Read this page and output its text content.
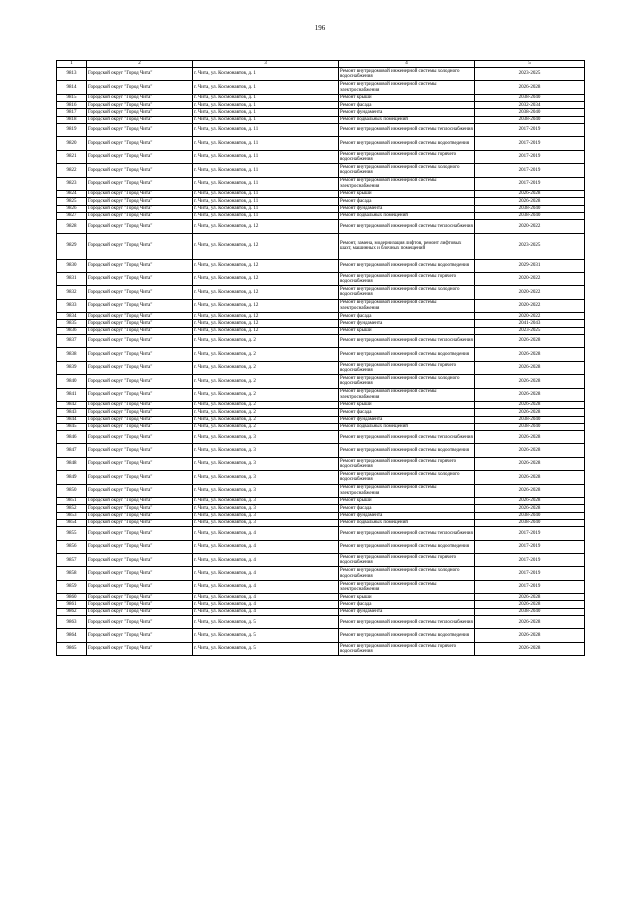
196
1	2	3	4	5
9813	Городской округ "Город Чита"	г. Чита, ул. Космонавтов, д. 1	Ремонт внутридомовой инженерной системы холодного водоснабжения	2023-2025
9814	Городской округ "Город Чита"	г. Чита, ул. Космонавтов, д. 1	Ремонт внутридомовой инженерной системы электроснабжения	2026-2028
9815	Городской округ "Город Чита"	г. Чита, ул. Космонавтов, д. 1	Ремонт крыши	2038-2040
9816	Городской округ "Город Чита"	г. Чита, ул. Космонавтов, д. 1	Ремонт фасада	2032-2034
9817	Городской округ "Город Чита"	г. Чита, ул. Космонавтов, д. 1	Ремонт фундамента	2038-2040
9818	Городской округ "Город Чита"	г. Чита, ул. Космонавтов, д. 1	Ремонт подвальных помещений	2038-2040
9819	Городской округ "Город Чита"	г. Чита, ул. Космонавтов, д. 11	Ремонт внутридомовой инженерной системы теплоснабжения	2017-2019
9820	Городской округ "Город Чита"	г. Чита, ул. Космонавтов, д. 11	Ремонт внутридомовой инженерной системы водоотведения	2017-2019
9821	Городской округ "Город Чита"	г. Чита, ул. Космонавтов, д. 11	Ремонт внутридомовой инженерной системы горячего водоснабжения	2017-2019
9822	Городской округ "Город Чита"	г. Чита, ул. Космонавтов, д. 11	Ремонт внутридомовой инженерной системы холодного водоснабжения	2017-2019
9823	Городской округ "Город Чита"	г. Чита, ул. Космонавтов, д. 11	Ремонт внутридомовой инженерной системы электроснабжения	2017-2019
9824	Городской округ "Город Чита"	г. Чита, ул. Космонавтов, д. 11	Ремонт крыши	2026-2028
9825	Городской округ "Город Чита"	г. Чита, ул. Космонавтов, д. 11	Ремонт фасада	2026-2028
9826	Городской округ "Город Чита"	г. Чита, ул. Космонавтов, д. 11	Ремонт фундамента	2038-2040
9827	Городской округ "Город Чита"	г. Чита, ул. Космонавтов, д. 11	Ремонт подвальных помещений	2038-2040
9828	Городской округ "Город Чита"	г. Чита, ул. Космонавтов, д. 12	Ремонт внутридомовой инженерной системы теплоснабжения	2020-2022
9829	Городской округ "Город Чита"	г. Чита, ул. Космонавтов, д. 12	Ремонт, замена, модернизация лифтов, ремонт лифтовых шахт, машинных и блочных помещений	2023-2025
9830	Городской округ "Город Чита"	г. Чита, ул. Космонавтов, д. 12	Ремонт внутридомовой инженерной системы водоотведения	2029-2031
9831	Городской округ "Город Чита"	г. Чита, ул. Космонавтов, д. 12	Ремонт внутридомовой инженерной системы горячего водоснабжения	2020-2022
9832	Городской округ "Город Чита"	г. Чита, ул. Космонавтов, д. 12	Ремонт внутридомовой инженерной системы холодного водоснабжения	2020-2022
9833	Городской округ "Город Чита"	г. Чита, ул. Космонавтов, д. 12	Ремонт внутридомовой инженерной системы электроснабжения	2020-2022
9834	Городской округ "Город Чита"	г. Чита, ул. Космонавтов, д. 12	Ремонт фасада	2020-2022
9835	Городской округ "Город Чита"	г. Чита, ул. Космонавтов, д. 12	Ремонт фундамента	2041-2043
9836	Городской округ "Город Чита"	г. Чита, ул. Космонавтов, д. 12	Ремонт крыши	2023-2025
9837	Городской округ "Город Чита"	г. Чита, ул. Космонавтов, д. 2	Ремонт внутридомовой инженерной системы теплоснабжения	2026-2028
9838	Городской округ "Город Чита"	г. Чита, ул. Космонавтов, д. 2	Ремонт внутридомовой инженерной системы водоотведения	2026-2028
9839	Городской округ "Город Чита"	г. Чита, ул. Космонавтов, д. 2	Ремонт внутридомовой инженерной системы горячего водоснабжения	2026-2028
9840	Городской округ "Город Чита"	г. Чита, ул. Космонавтов, д. 2	Ремонт внутридомовой инженерной системы холодного водоснабжения	2026-2028
9841	Городской округ "Город Чита"	г. Чита, ул. Космонавтов, д. 2	Ремонт внутридомовой инженерной системы электроснабжения	2026-2028
9842	Городской округ "Город Чита"	г. Чита, ул. Космонавтов, д. 2	Ремонт крыши	2026-2028
9843	Городской округ "Город Чита"	г. Чита, ул. Космонавтов, д. 2	Ремонт фасада	2026-2028
9844	Городской округ "Город Чита"	г. Чита, ул. Космонавтов, д. 2	Ремонт фундамента	2038-2040
9845	Городской округ "Город Чита"	г. Чита, ул. Космонавтов, д. 2	Ремонт подвальных помещений	2038-2040
9846	Городской округ "Город Чита"	г. Чита, ул. Космонавтов, д. 3	Ремонт внутридомовой инженерной системы теплоснабжения	2026-2028
9847	Городской округ "Город Чита"	г. Чита, ул. Космонавтов, д. 3	Ремонт внутридомовой инженерной системы водоотведения	2026-2028
9848	Городской округ "Город Чита"	г. Чита, ул. Космонавтов, д. 3	Ремонт внутридомовой инженерной системы горячего водоснабжения	2026-2028
9849	Городской округ "Город Чита"	г. Чита, ул. Космонавтов, д. 3	Ремонт внутридомовой инженерной системы холодного водоснабжения	2026-2028
9850	Городской округ "Город Чита"	г. Чита, ул. Космонавтов, д. 3	Ремонт внутридомовой инженерной системы электроснабжения	2026-2028
9851	Городской округ "Город Чита"	г. Чита, ул. Космонавтов, д. 3	Ремонт крыши	2026-2028
9852	Городской округ "Город Чита"	г. Чита, ул. Космонавтов, д. 3	Ремонт фасада	2026-2028
9853	Городской округ "Город Чита"	г. Чита, ул. Космонавтов, д. 3	Ремонт фундамента	2038-2040
9854	Городской округ "Город Чита"	г. Чита, ул. Космонавтов, д. 3	Ремонт подвальных помещений	2038-2040
9855	Городской округ "Город Чита"	г. Чита, ул. Космонавтов, д. 4	Ремонт внутридомовой инженерной системы теплоснабжения	2017-2019
9856	Городской округ "Город Чита"	г. Чита, ул. Космонавтов, д. 4	Ремонт внутридомовой инженерной системы водоотведения	2017-2019
9857	Городской округ "Город Чита"	г. Чита, ул. Космонавтов, д. 4	Ремонт внутридомовой инженерной системы горячего водоснабжения	2017-2019
9858	Городской округ "Город Чита"	г. Чита, ул. Космонавтов, д. 4	Ремонт внутридомовой инженерной системы холодного водоснабжения	2017-2019
9859	Городской округ "Город Чита"	г. Чита, ул. Космонавтов, д. 4	Ремонт внутридомовой инженерной системы электроснабжения	2017-2019
9860	Городской округ "Город Чита"	г. Чита, ул. Космонавтов, д. 4	Ремонт крыши	2026-2028
9861	Городской округ "Город Чита"	г. Чита, ул. Космонавтов, д. 4	Ремонт фасада	2026-2028
9862	Городской округ "Город Чита"	г. Чита, ул. Космонавтов, д. 4	Ремонт фундамента	2038-2040
9863	Городской округ "Город Чита"	г. Чита, ул. Космонавтов, д. 5	Ремонт внутридомовой инженерной системы теплоснабжения	2026-2028
9864	Городской округ "Город Чита"	г. Чита, ул. Космонавтов, д. 5	Ремонт внутридомовой инженерной системы водоотведения	2026-2028
9865	Городской округ "Город Чита"	г. Чита, ул. Космонавтов, д. 5	Ремонт внутридомовой инженерной системы горячего водоснабжения	2026-2028
